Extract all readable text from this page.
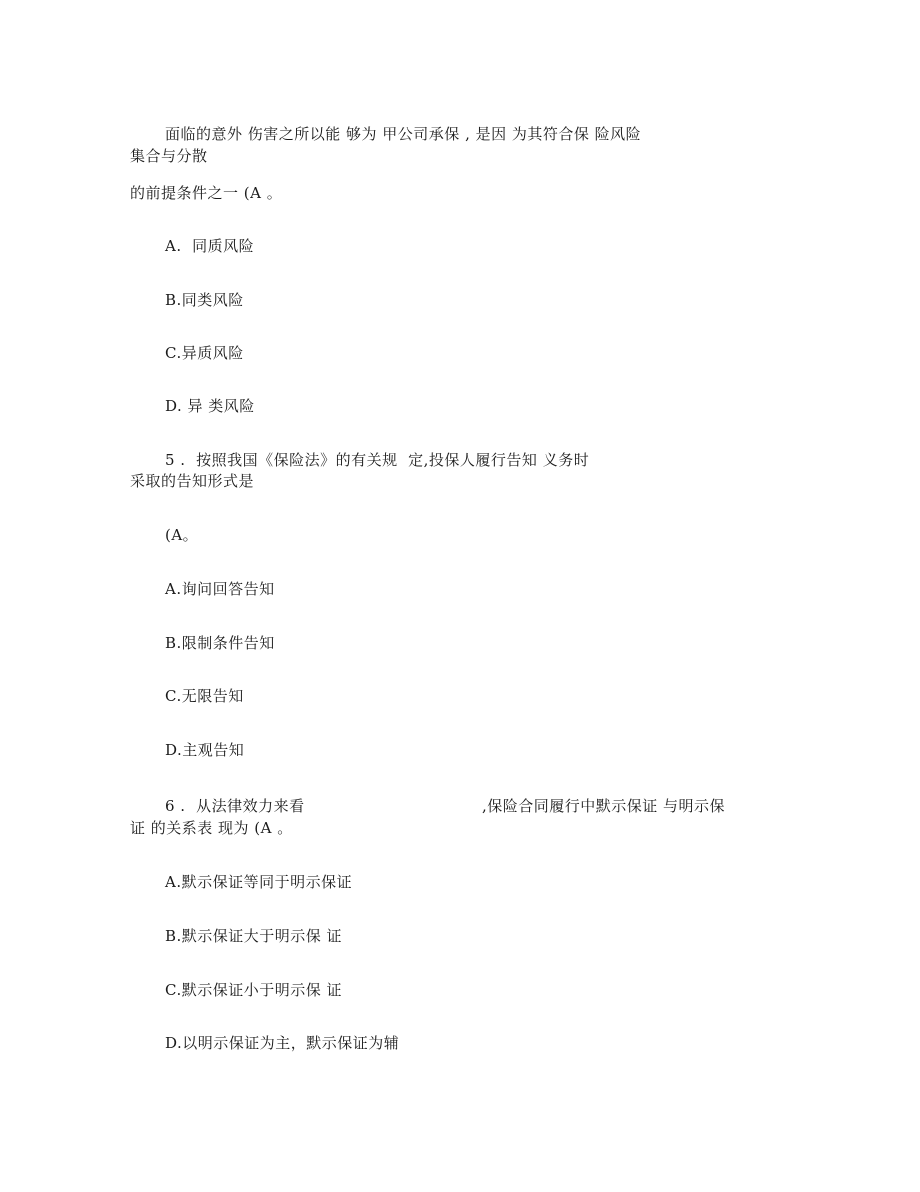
面临的意外 伤害之所以能 够为 甲公司承保 , 是因 为其符合保 险风险
集合与分散
的前提条件之一 (A 。
A.  同质风险
B.同类风险
C.异质风险
D. 异 类风险
5 .  按照我国《保险法》的有关规  定,投保人履行告知 义务时
采取的告知形式是
(A。
A.询问回答告知
B.限制条件告知
C.无限告知
D.主观告知
6 .  从法律效力来看	,保险合同履行中默示保证 与明示保
证 的关系表 现为 (A 。
A.默示保证等同于明示保证
B.默示保证大于明示保 证
C.默示保证小于明示保 证
D.以明示保证为主，默示保证为辅
